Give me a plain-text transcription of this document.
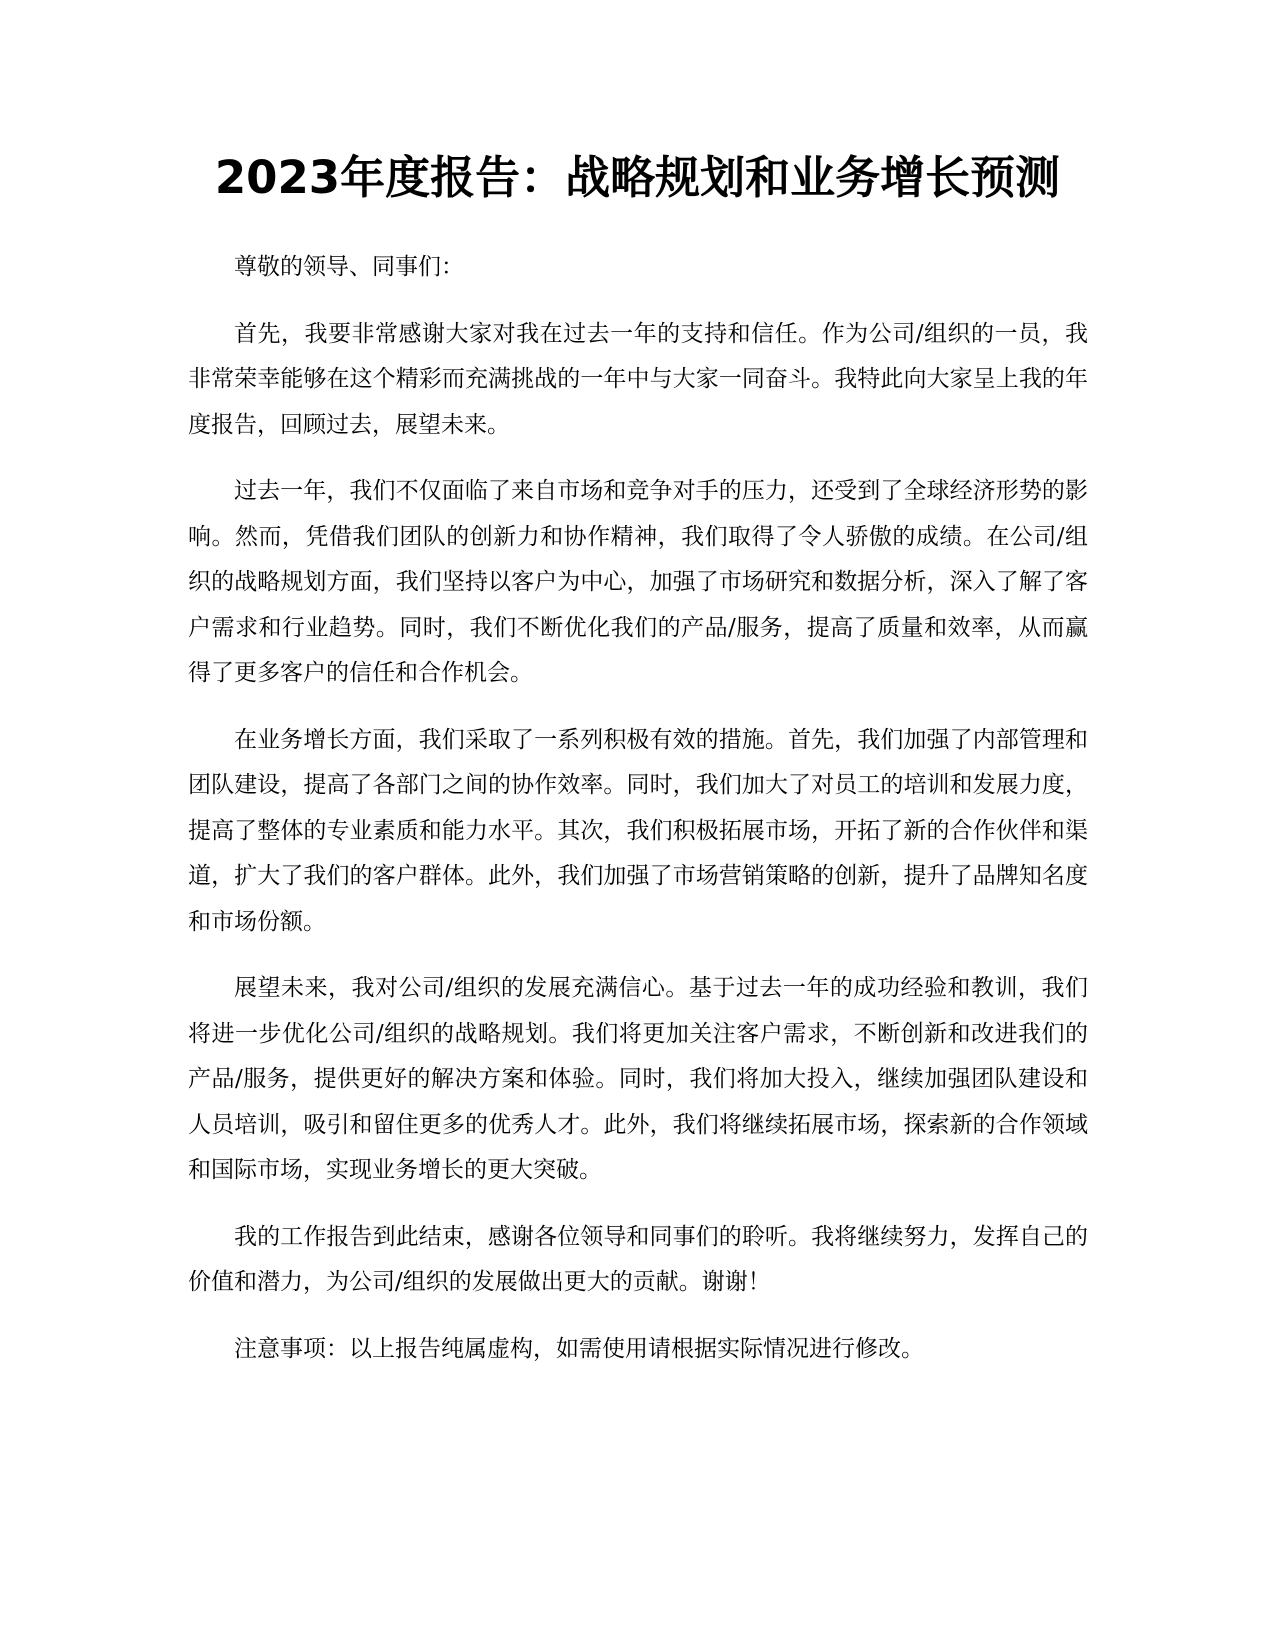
2023年度报告：战略规划和业务增长预测

尊敬的领导、同事们：

首先，我要非常感谢大家对我在过去一年的支持和信任。作为公司/组织的一员，我非常荣幸能够在这个精彩而充满挑战的一年中与大家一同奋斗。我特此向大家呈上我的年度报告，回顾过去，展望未来。

过去一年，我们不仅面临了来自市场和竞争对手的压力，还受到了全球经济形势的影响。然而，凭借我们团队的创新力和协作精神，我们取得了令人骄傲的成绩。在公司/组织的战略规划方面，我们坚持以客户为中心，加强了市场研究和数据分析，深入了解了客户需求和行业趋势。同时，我们不断优化我们的产品/服务，提高了质量和效率，从而赢得了更多客户的信任和合作机会。

在业务增长方面，我们采取了一系列积极有效的措施。首先，我们加强了内部管理和团队建设，提高了各部门之间的协作效率。同时，我们加大了对员工的培训和发展力度，提高了整体的专业素质和能力水平。其次，我们积极拓展市场，开拓了新的合作伙伴和渠道，扩大了我们的客户群体。此外，我们加强了市场营销策略的创新，提升了品牌知名度和市场份额。

展望未来，我对公司/组织的发展充满信心。基于过去一年的成功经验和教训，我们将进一步优化公司/组织的战略规划。我们将更加关注客户需求，不断创新和改进我们的产品/服务，提供更好的解决方案和体验。同时，我们将加大投入，继续加强团队建设和人员培训，吸引和留住更多的优秀人才。此外，我们将继续拓展市场，探索新的合作领域和国际市场，实现业务增长的更大突破。

我的工作报告到此结束，感谢各位领导和同事们的聆听。我将继续努力，发挥自己的价值和潜力，为公司/组织的发展做出更大的贡献。谢谢！

注意事项：以上报告纯属虚构，如需使用请根据实际情况进行修改。
